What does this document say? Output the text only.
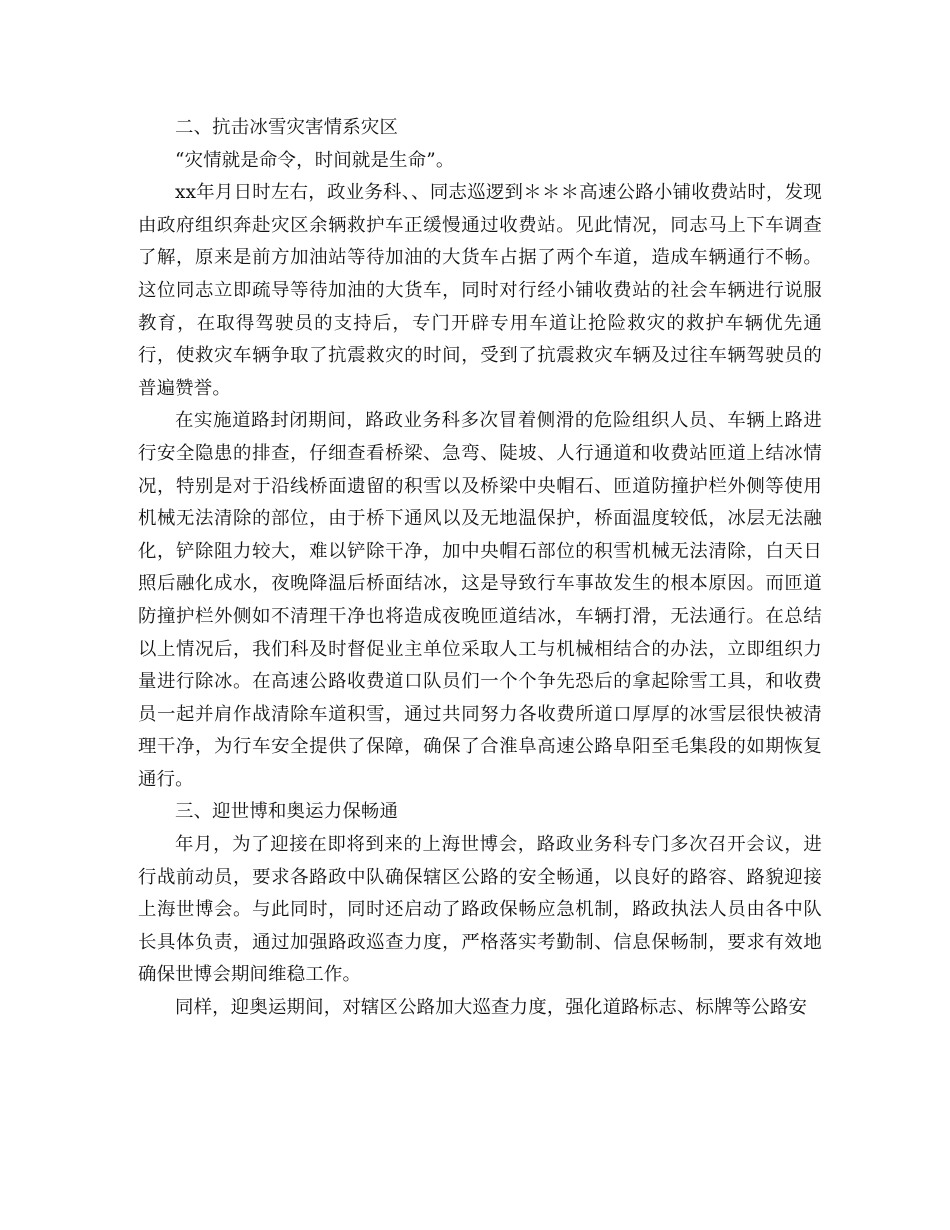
二、抗击冰雪灾害情系灾区

“灾情就是命令，时间就是生命”。

xx年月日时左右，政业务科、、同志巡逻到＊＊＊高速公路小铺收费站时，发现由政府组织奔赴灾区余辆救护车正缓慢通过收费站。见此情况，同志马上下车调查了解，原来是前方加油站等待加油的大货车占据了两个车道，造成车辆通行不畅。这位同志立即疏导等待加油的大货车，同时对行经小铺收费站的社会车辆进行说服教育，在取得驾驶员的支持后，专门开辟专用车道让抢险救灾的救护车辆优先通行，使救灾车辆争取了抗震救灾的时间，受到了抗震救灾车辆及过往车辆驾驶员的普遍赞誉。

在实施道路封闭期间，路政业务科多次冒着侧滑的危险组织人员、车辆上路进行安全隐患的排查，仔细查看桥梁、急弯、陡坡、人行通道和收费站匝道上结冰情况，特别是对于沿线桥面遗留的积雪以及桥梁中央帽石、匝道防撞护栏外侧等使用机械无法清除的部位，由于桥下通风以及无地温保护，桥面温度较低，冰层无法融化，铲除阻力较大，难以铲除干净，加中央帽石部位的积雪机械无法清除，白天日照后融化成水，夜晚降温后桥面结冰，这是导致行车事故发生的根本原因。而匝道防撞护栏外侧如不清理干净也将造成夜晚匝道结冰，车辆打滑，无法通行。在总结以上情况后，我们科及时督促业主单位采取人工与机械相结合的办法，立即组织力量进行除冰。在高速公路收费道口队员们一个个争先恐后的拿起除雪工具，和收费员一起并肩作战清除车道积雪，通过共同努力各收费所道口厚厚的冰雪层很快被清理干净，为行车安全提供了保障，确保了合淮阜高速公路阜阳至毛集段的如期恢复通行。

三、迎世博和奥运力保畅通

年月，为了迎接在即将到来的上海世博会，路政业务科专门多次召开会议，进行战前动员，要求各路政中队确保辖区公路的安全畅通，以良好的路容、路貌迎接上海世博会。与此同时，同时还启动了路政保畅应急机制，路政执法人员由各中队长具体负责，通过加强路政巡查力度，严格落实考勤制、信息保畅制，要求有效地确保世博会期间维稳工作。

同样，迎奥运期间，对辖区公路加大巡查力度，强化道路标志、标牌等公路安
